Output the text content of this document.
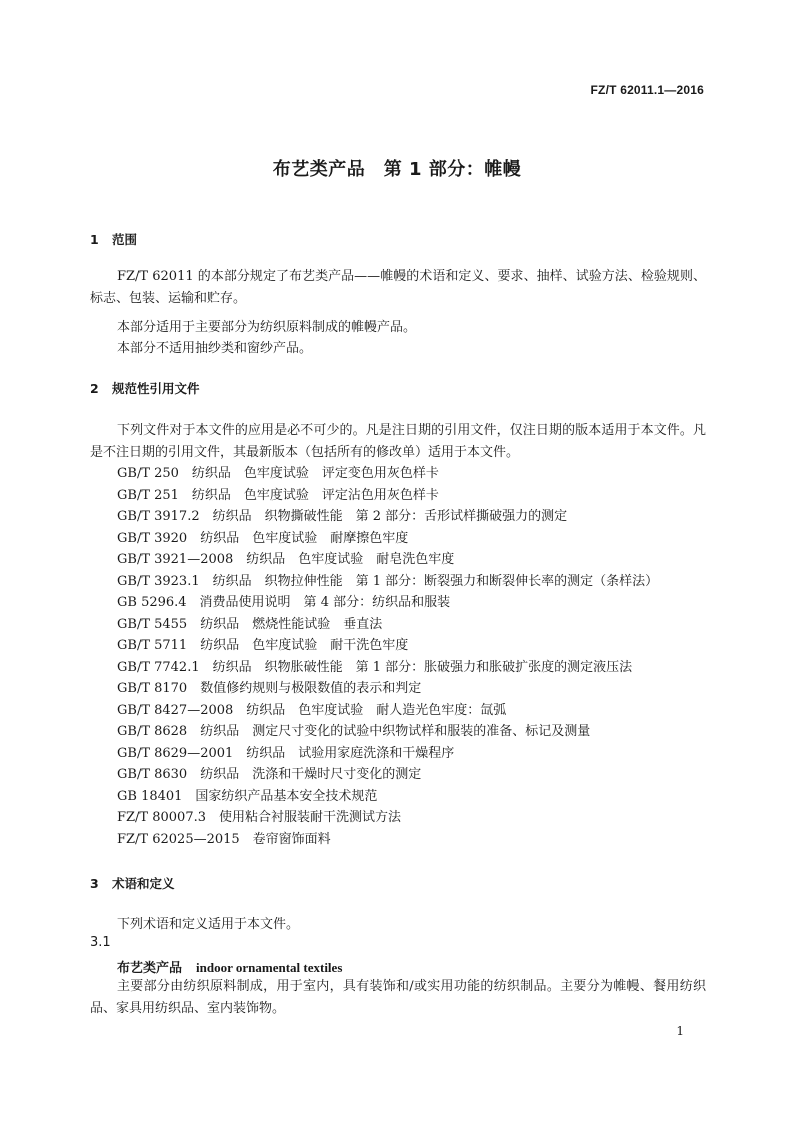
FZ/T 62011.1—2016
布艺类产品　第 1 部分：帷幔
1 范围
FZ/T 62011 的本部分规定了布艺类产品——帷幔的术语和定义、要求、抽样、试验方法、检验规则、标志、包装、运输和贮存。
本部分适用于主要部分为纺织原料制成的帷幔产品。
本部分不适用抽纱类和窗纱产品。
2 规范性引用文件
下列文件对于本文件的应用是必不可少的。凡是注日期的引用文件，仅注日期的版本适用于本文件。凡是不注日期的引用文件，其最新版本（包括所有的修改单）适用于本文件。
GB/T 250　纺织品　色牢度试验　评定变色用灰色样卡
GB/T 251　纺织品　色牢度试验　评定沾色用灰色样卡
GB/T 3917.2　纺织品　织物撕破性能　第 2 部分：舌形试样撕破强力的测定
GB/T 3920　纺织品　色牢度试验　耐摩擦色牢度
GB/T 3921—2008　纺织品　色牢度试验　耐皂洗色牢度
GB/T 3923.1　纺织品　织物拉伸性能　第 1 部分：断裂强力和断裂伸长率的测定（条样法）
GB 5296.4　消费品使用说明　第 4 部分：纺织品和服装
GB/T 5455　纺织品　燃烧性能试验　垂直法
GB/T 5711　纺织品　色牢度试验　耐干洗色牢度
GB/T 7742.1　纺织品　织物胀破性能　第 1 部分：胀破强力和胀破扩张度的测定液压法
GB/T 8170　数值修约规则与极限数值的表示和判定
GB/T 8427—2008　纺织品　色牢度试验　耐人造光色牢度：氙弧
GB/T 8628　纺织品　测定尺寸变化的试验中织物试样和服装的准备、标记及测量
GB/T 8629—2001　纺织品　试验用家庭洗涤和干燥程序
GB/T 8630　纺织品　洗涤和干燥时尺寸变化的测定
GB 18401　国家纺织产品基本安全技术规范
FZ/T 80007.3　使用粘合衬服装耐干洗测试方法
FZ/T 62025—2015　卷帘窗饰面料
3 术语和定义
下列术语和定义适用于本文件。
3.1
布艺类产品 indoor ornamental textiles
主要部分由纺织原料制成，用于室内，具有装饰和/或实用功能的纺织制品。主要分为帷幔、餐用纺织品、家具用纺织品、室内装饰物。
1
